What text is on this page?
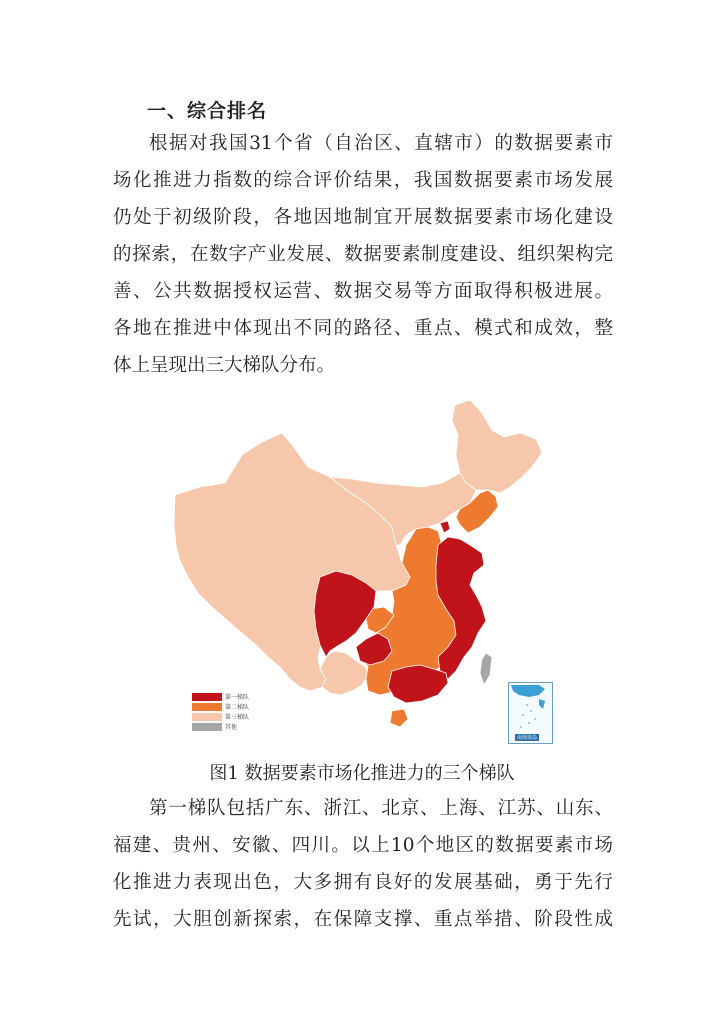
一、综合排名
根据对我国31个省（自治区、直辖市）的数据要素市
场化推进力指数的综合评价结果，我国数据要素市场发展
仍处于初级阶段，各地因地制宜开展数据要素市场化建设
的探索，在数字产业发展、数据要素制度建设、组织架构完
善、公共数据授权运营、数据交易等方面取得积极进展。
各地在推进中体现出不同的路径、重点、模式和成效，整
体上呈现出三大梯队分布。
第一梯队
第二梯队
第三梯队
其他
南海诸岛

图1 数据要素市场化推进力的三个梯队

第一梯队包括广东、浙江、北京、上海、江苏、山东、
福建、贵州、安徽、四川。以上10个地区的数据要素市场
化推进力表现出色，大多拥有良好的发展基础，勇于先行
先试，大胆创新探索，在保障支撑、重点举措、阶段性成
